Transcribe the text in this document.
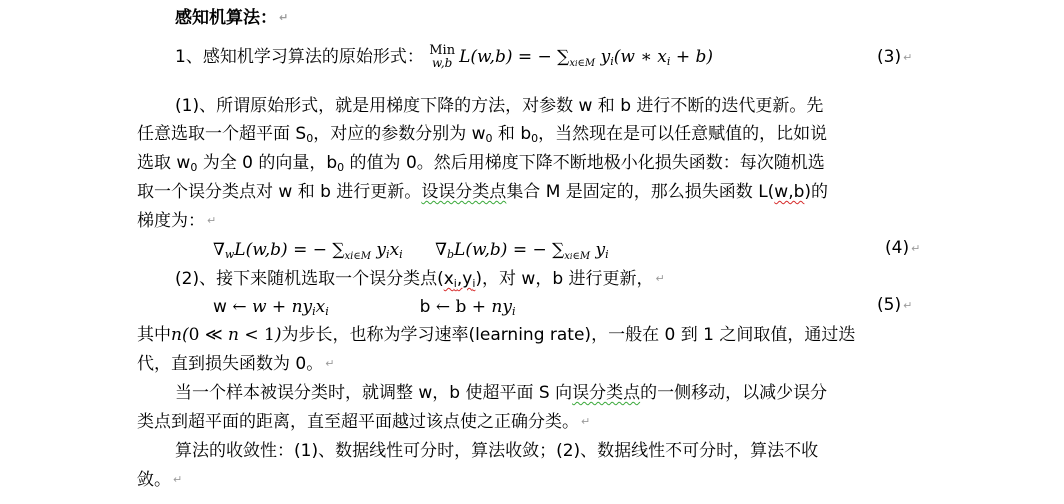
感知机算法： ↵
1、感知机学习算法的原始形式： Min
w,b L(w,b) = − $\sum_{xi\in M}$ $y_i(w$ ∗ $x_i + b$)	(3) ↵
(1)、所谓原始形式，就是用梯度下降的方法，对参数 w 和 b 进行不断的迭代更新。先
任意选取一个超平面 $S_0$，对应的参数分别为 $w_0$ 和 $b_0$，当然现在是可以任意赋值的，比如说
选取 $w_0$ 为全 0 的向量，$b_0$ 的值为 0。然后用梯度下降不断地极小化损失函数：每次随机选
取一个误分类点对 w 和 b 进行更新。设误分类点集合 M 是固定的，那么损失函数 L(w,b)的
梯度为： ↵
$\nabla_wL(w,b)$ = − $\sum_{xi\in M}$ $y_ix_i$ $\nabla_bL(w,b)$ = − $\sum_{xi\in M}$ $y_i$	(4) ↵
(2)、接下来随机选取一个误分类点$(x_i,y_i)$，对 w，b 进行更新， ↵
w ← $w + ny_ix_i$	b ← $b + ny_i$	(5) ↵
其中n(0 ≪ n < 1)为步长，也称为学习速率(learning rate)，一般在 0 到 1 之间取值，通过迭
代，直到损失函数为 0。 ↵
当一个样本被误分类时，就调整 w，b 使超平面 S 向误分类点的一侧移动，以减少误分
类点到超平面的距离，直至超平面越过该点使之正确分类。 ↵
算法的收敛性：(1)、数据线性可分时，算法收敛；(2)、数据线性不可分时，算法不收
敛。 ↵
